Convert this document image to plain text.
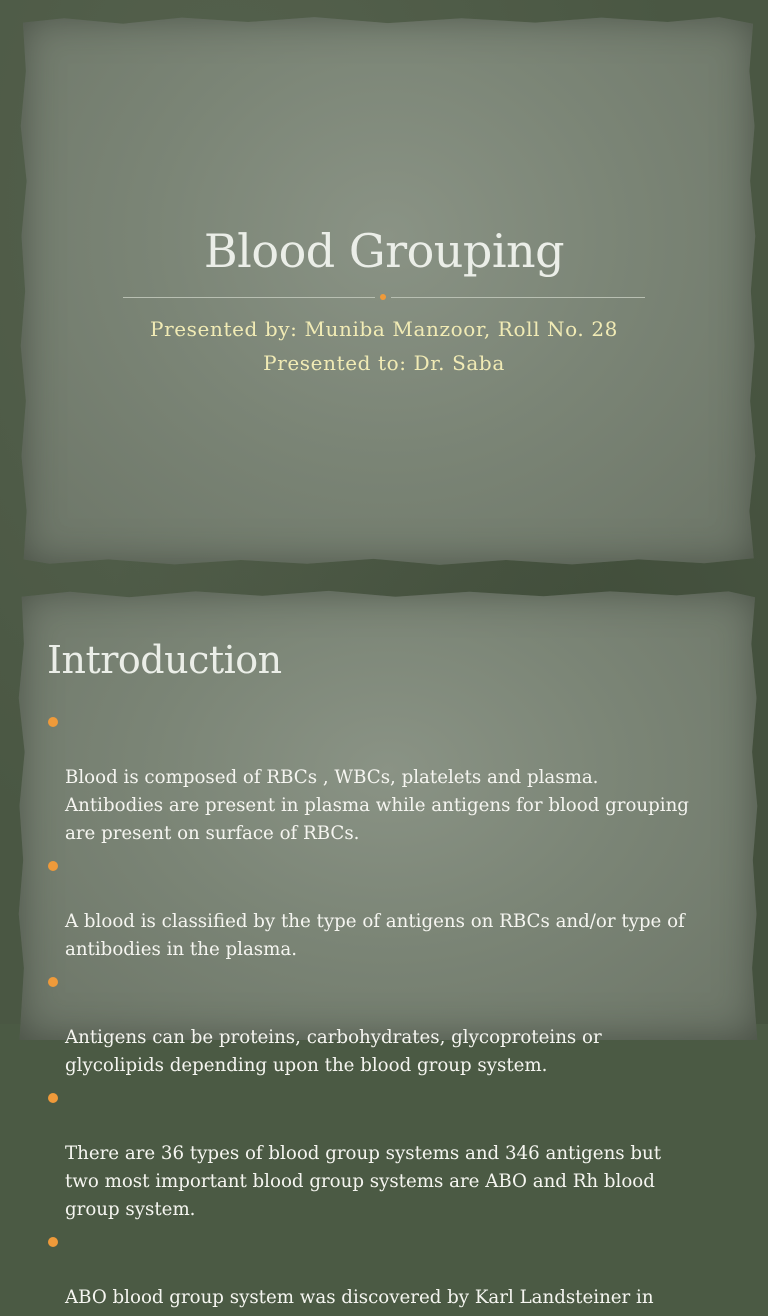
Blood Grouping
Presented by: Muniba Manzoor, Roll No. 28
Presented to: Dr. Saba
Introduction

Blood is composed of RBCs , WBCs, platelets and plasma.
Antibodies are present in plasma while antigens for blood grouping
are present on surface of RBCs.

A blood is classified by the type of antigens on RBCs and/or type of
antibodies in the plasma.

Antigens can be proteins, carbohydrates, glycoproteins or
glycolipids depending upon the blood group system.

There are 36 types of blood group systems and 346 antigens but
two most important blood group systems are ABO and Rh blood
group system.

ABO blood group system was discovered by Karl Landsteiner in
